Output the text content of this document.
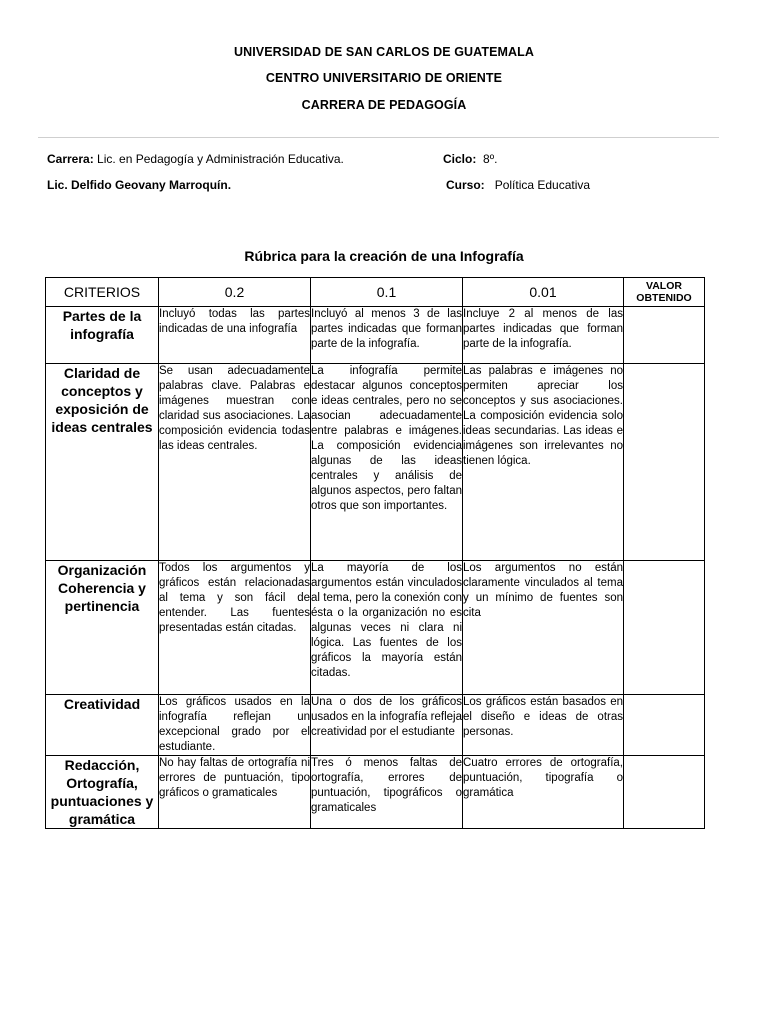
UNIVERSIDAD DE SAN CARLOS DE GUATEMALA
CENTRO UNIVERSITARIO DE ORIENTE
CARRERA DE PEDAGOGÍA
Carrera: Lic. en Pedagogía y Administración Educativa.	Ciclo: 8º.
Lic. Delfido Geovany Marroquín.	Curso: Política Educativa
Rúbrica para la creación de una Infografía
CRITERIOS	0.2	0.1	0.01	VALOR OBTENIDO
Partes de la infografía	Incluyó todas las partes indicadas de una infografía	Incluyó al menos 3 de las partes indicadas que forman parte de la infografía.	Incluye 2 al menos de las partes indicadas que forman parte de la infografía.	
Claridad de conceptos y exposición de ideas centrales	Se usan adecuadamente palabras clave. Palabras e imágenes muestran con claridad sus asociaciones. La composición evidencia todas las ideas centrales.	La infografía permite destacar algunos conceptos e ideas centrales, pero no se asocian adecuadamente entre palabras e imágenes. La composición evidencia algunas de las ideas centrales y análisis de algunos aspectos, pero faltan otros que son importantes.	Las palabras e imágenes no permiten apreciar los conceptos y sus asociaciones. La composición evidencia solo ideas secundarias. Las ideas e imágenes son irrelevantes no tienen lógica.	
Organización Coherencia y pertinencia	Todos los argumentos y gráficos están relacionadas al tema y son fácil de entender. Las fuentes presentadas están citadas.	La mayoría de los argumentos están vinculados al tema, pero la conexión con ésta o la organización no es algunas veces ni clara ni lógica. Las fuentes de los gráficos la mayoría están citadas.	Los argumentos no están claramente vinculados al tema y un mínimo de fuentes son cita	
Creatividad	Los gráficos usados en la infografía reflejan un excepcional grado por el estudiante.	Una o dos de los gráficos usados en la infografía refleja creatividad por el estudiante	Los gráficos están basados en el diseño e ideas de otras personas.	
Redacción, Ortografía, puntuaciones y gramática	No hay faltas de ortografía ni errores de puntuación, tipo gráficos o gramaticales	Tres ó menos faltas de ortografía, errores de puntuación, tipográficos o gramaticales	Cuatro errores de ortografía, puntuación, tipografía o gramática	
